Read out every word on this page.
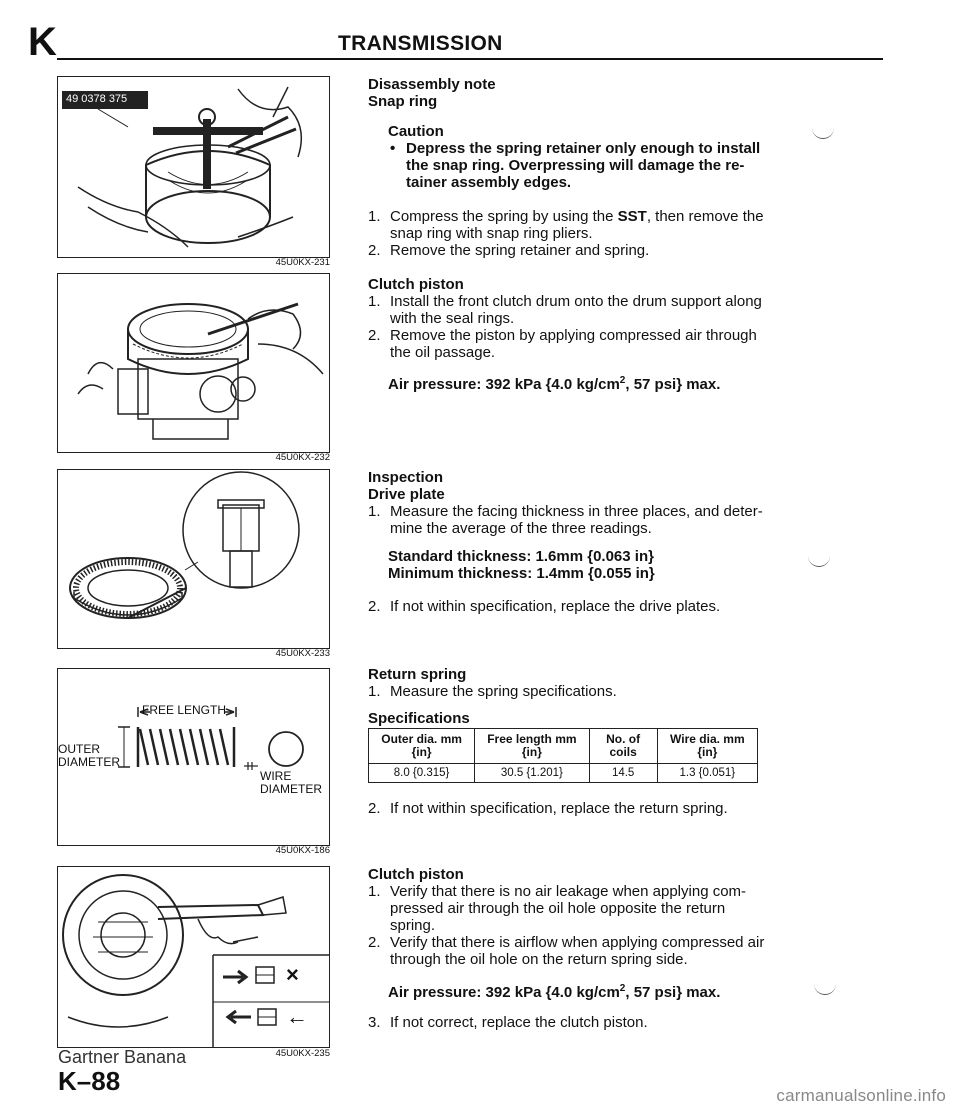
K	TRANSMISSION
49 0378 375
45U0KX-231
45U0KX-232
45U0KX-233
FREE LENGTH
OUTER
DIAMETER
WIRE
DIAMETER
45U0KX-186
×
←
45U0KX-235
Disassembly note
Snap ring
Caution
• Depress the spring retainer only enough to install the snap ring. Overpressing will damage the re-tainer assembly edges.
1. Compress the spring by using the SST, then remove the snap ring with snap ring pliers.
2. Remove the spring retainer and spring.
Clutch piston
1. Install the front clutch drum onto the drum support along with the seal rings.
2. Remove the piston by applying compressed air through the oil passage.
Air pressure: 392 kPa {4.0 $kg/cm^2$, 57 psi} max.
Inspection
Drive plate
1. Measure the facing thickness in three places, and deter-mine the average of the three readings.
Standard thickness: 1.6mm {0.063 in}
Minimum thickness: 1.4mm {0.055 in}
2. If not within specification, replace the drive plates.
Return spring
1. Measure the spring specifications.
Specifications
Outer dia. mm {in}	Free length mm {in}	No. of coils	Wire dia. mm {in}
8.0 {0.315}	30.5 {1.201}	14.5	1.3 {0.051}
2. If not within specification, replace the return spring.
Clutch piston
1. Verify that there is no air leakage when applying com-pressed air through the oil hole opposite the return spring.
2. Verify that there is airflow when applying compressed air through the oil hole on the return spring side.
Air pressure: 392 kPa {4.0 $kg/cm^2$, 57 psi} max.
3. If not correct, replace the clutch piston.
Gartner Banana
K–88	carmanualsonline.info
